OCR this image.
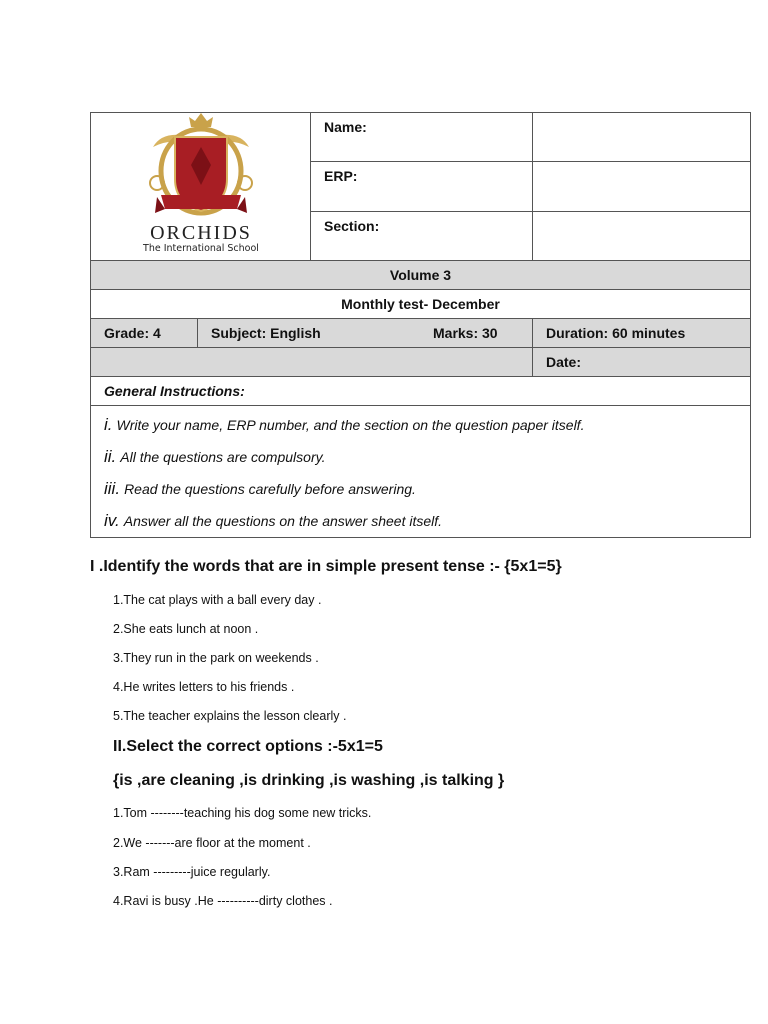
ORCHIDS
The International School		Name:	
		ERP:	
		Section:	
Volume 3			
Monthly test- December			
Grade: 4	Subject: English Marks: 30		Duration: 60 minutes
			Date:
General Instructions:			

i. Write your name, ERP number, and the section on the question paper itself.
ii. All the questions are compulsory.
iii. Read the questions carefully before answering.
iv. Answer all the questions on the answer sheet itself.			
I .Identify the words that are in simple present tense :- {5x1=5}
1.The cat plays with a ball every day .
2.She eats lunch at noon .
3.They run in the park on weekends .
4.He writes letters to his friends .
5.The teacher explains the lesson clearly .
II.Select the correct options :-5x1=5
{is ,are cleaning ,is drinking ,is washing ,is talking }
1.Tom --------teaching his dog some new tricks.
2.We -------are floor at the moment .
3.Ram ---------juice regularly.
4.Ravi is busy .He ----------dirty clothes .
